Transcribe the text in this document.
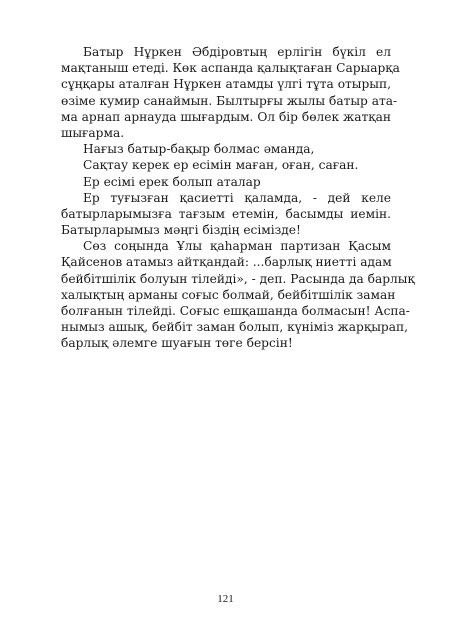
Батыр Нұркен Әбдіровтың ерлігін бүкіл ел
мақтаныш етеді. Көк аспанда қалықтаған Сарыарқа
сұңқары аталған Нұркен атамды үлгі тұта отырып,
өзіме кумир санаймын. Былтырғы жылы батыр ата-
ма арнап арнауда шығардым. Ол бір бөлек жатқан
шығарма.
Нағыз батыр-бақыр болмас әманда,
Сақтау керек ер есімін маған, оған, саған.
Ер есімі ерек болып аталар
Ер туғызған қасиетті қаламда, - дей келе
батырларымызға тағзым етемін, басымды иемін.
Батырларымыз мәңгі біздің есімізде!
Сөз соңында Ұлы қаһарман партизан Қасым
Қайсенов атамыз айтқандай: ...барлық ниетті адам
бейбітшілік болуын тілейді», - деп. Расында да барлық
халықтың арманы соғыс болмай, бейбітшілік заман
болғанын тілейді. Соғыс ешқашанда болмасын! Аспа-
нымыз ашық, бейбіт заман болып, күніміз жарқырап,
барлық әлемге шуағын төге берсін!
121
